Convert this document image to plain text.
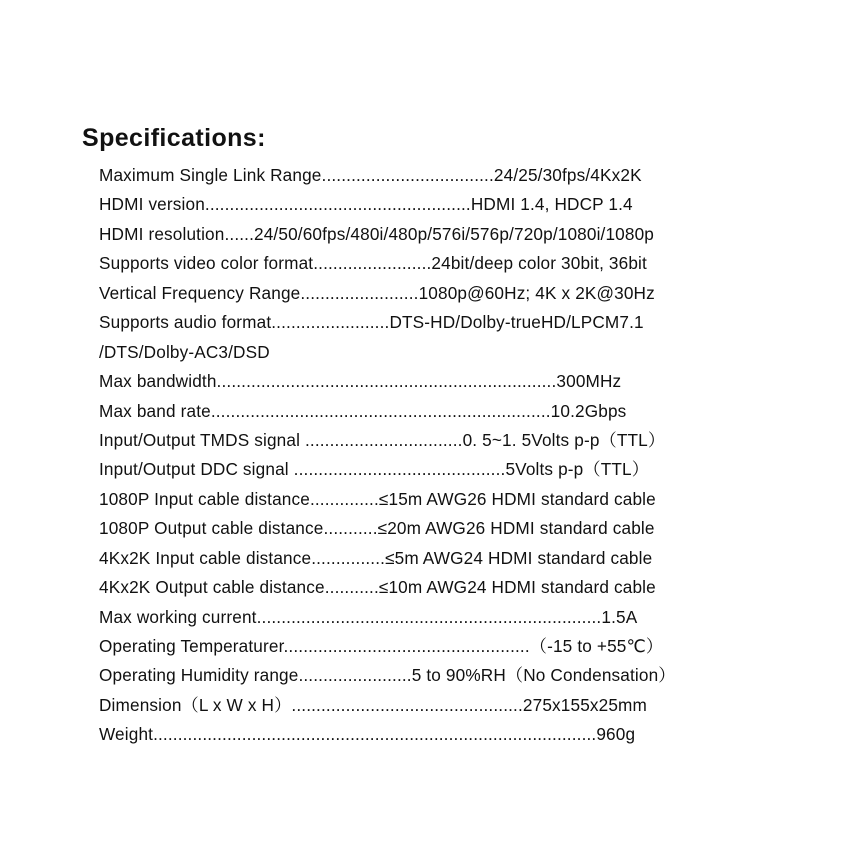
Specifications:
Maximum Single Link Range...................................24/25/30fps/4Kx2K
HDMI version......................................................HDMI 1.4, HDCP 1.4
HDMI resolution......24/50/60fps/480i/480p/576i/576p/720p/1080i/1080p
Supports video color format........................24bit/deep color 30bit, 36bit
Vertical Frequency Range........................1080p@60Hz; 4K x 2K@30Hz
Supports audio format........................DTS-HD/Dolby-trueHD/LPCM7.1
/DTS/Dolby-AC3/DSD
Max bandwidth.....................................................................300MHz
Max band rate.....................................................................10.2Gbps
Input/Output TMDS signal ................................0. 5~1. 5Volts p-p（TTL）
Input/Output DDC signal ...........................................5Volts p-p（TTL）
1080P Input cable distance..............≤15m AWG26 HDMI standard cable
1080P Output cable distance...........≤20m AWG26 HDMI standard cable
4Kx2K Input cable distance...............≤5m AWG24 HDMI standard cable
4Kx2K Output cable distance...........≤10m AWG24 HDMI standard cable
Max working current......................................................................1.5A
Operating Temperaturer..................................................（-15 to +55℃）
Operating Humidity range.......................5 to 90%RH（No Condensation）
Dimension（L x W x H）...............................................275x155x25mm
Weight..........................................................................................960g
